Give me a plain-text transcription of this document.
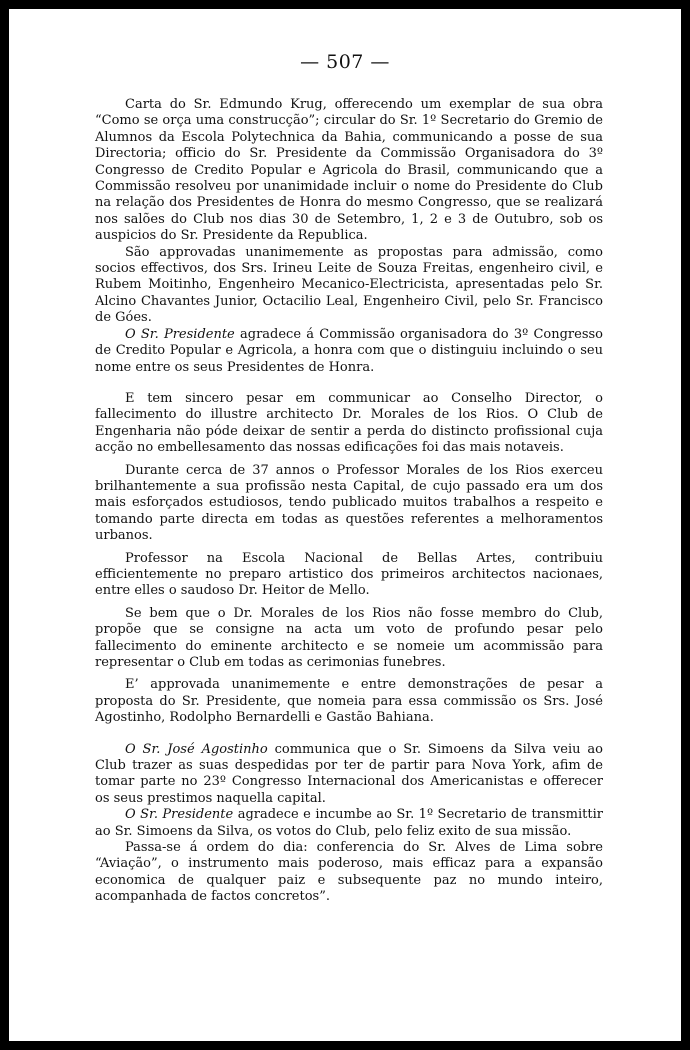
— 507 —

Carta do Sr. Edmundo Krug, offerecendo um exemplar de sua obra “Como se orça uma construcção”; circular do Sr. 1º Secretario do Gremio de Alumnos da Escola Polytechnica da Bahia, communicando a posse de sua Directoria; officio do Sr. Presidente da Commissão Organisadora do 3º Congresso de Credito Popular e Agricola do Brasil, communicando que a Commissão resolveu por unanimidade incluir o nome do Presidente do Club na relação dos Presidentes de Honra do mesmo Congresso, que se realizará nos salões do Club nos dias 30 de Setembro, 1, 2 e 3 de Outubro, sob os auspicios do Sr. Presidente da Republica.

São approvadas unanimemente as propostas para admissão, como socios effectivos, dos Srs. Irineu Leite de Souza Freitas, engenheiro civil, e Rubem Moitinho, Engenheiro Mecanico-Electricista, apresentadas pelo Sr. Alcino Chavantes Junior, Octacilio Leal, Engenheiro Civil, pelo Sr. Francisco de Góes.

O Sr. Presidente agradece á Commissão organisadora do 3º Congresso de Credito Popular e Agricola, a honra com que o distinguiu incluindo o seu nome entre os seus Presidentes de Honra.

E tem sincero pesar em communicar ao Conselho Director, o fallecimento do illustre architecto Dr. Morales de los Rios. O Club de Engenharia não póde deixar de sentir a perda do distincto profissional cuja acção no embellesamento das nossas edificações foi das mais notaveis.

Durante cerca de 37 annos o Professor Morales de los Rios exerceu brilhantemente a sua profissão nesta Capital, de cujo passado era um dos mais esforçados estudiosos, tendo publicado muitos trabalhos a respeito e tomando parte directa em todas as questões referentes a melhoramentos urbanos.

Professor na Escola Nacional de Bellas Artes, contribuiu efficientemente no preparo artistico dos primeiros architectos nacionaes, entre elles o saudoso Dr. Heitor de Mello.

Se bem que o Dr. Morales de los Rios não fosse membro do Club, propõe que se consigne na acta um voto de profundo pesar pelo fallecimento do eminente architecto e se nomeie um acommissão para representar o Club em todas as cerimonias funebres.

E’ approvada unanimemente e entre demonstrações de pesar a proposta do Sr. Presidente, que nomeia para essa commissão os Srs. José Agostinho, Rodolpho Bernardelli e Gastão Bahiana.

O Sr. José Agostinho communica que o Sr. Simoens da Silva veiu ao Club trazer as suas despedidas por ter de partir para Nova York, afim de tomar parte no 23º Congresso Internacional dos Americanistas e offerecer os seus prestimos naquella capital.

O Sr. Presidente agradece e incumbe ao Sr. 1º Secretario de transmittir ao Sr. Simoens da Silva, os votos do Club, pelo feliz exito de sua missão.

Passa-se á ordem do dia: conferencia do Sr. Alves de Lima sobre “Aviação”, o instrumento mais poderoso, mais efficaz para a expansão economica de qualquer paiz e subsequente paz no mundo inteiro, acompanhada de factos concretos”.
